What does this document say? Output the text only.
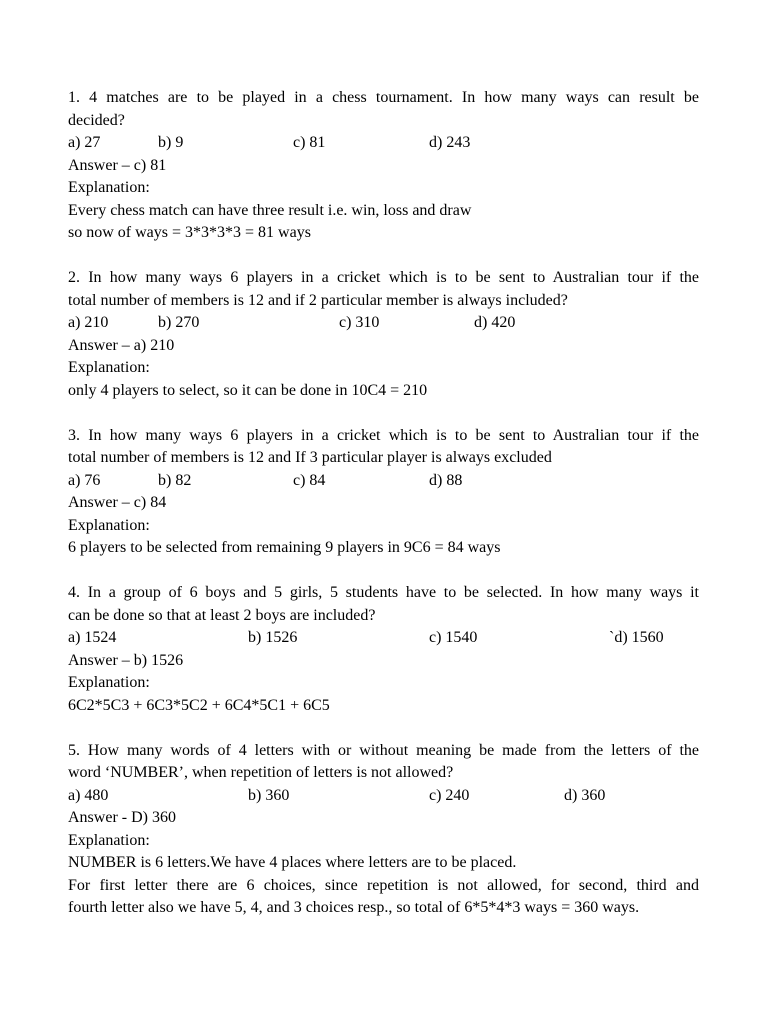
1. 4 matches are to be played in a chess tournament. In how many ways can result be
decided?
a) 27	b) 9	c) 81	d) 243
Answer – c) 81
Explanation:
Every chess match can have three result i.e. win, loss and draw
so now of ways = 3*3*3*3 = 81 ways
2. In how many ways 6 players in a cricket which is to be sent to Australian tour if the
total number of members is 12 and if 2 particular member is always included?
a) 210	b) 270	c) 310	d) 420
Answer – a) 210
Explanation:
only 4 players to select, so it can be done in 10C4 = 210
3. In how many ways 6 players in a cricket which is to be sent to Australian tour if the
total number of members is 12 and If 3 particular player is always excluded
a) 76	b) 82	c) 84	d) 88
Answer – c) 84
Explanation:
6 players to be selected from remaining 9 players in 9C6 = 84 ways
4. In a group of 6 boys and 5 girls, 5 students have to be selected. In how many ways it
can be done so that at least 2 boys are included?
a) 1524	b) 1526	c) 1540	`d) 1560
Answer – b) 1526
Explanation:
6C2*5C3 + 6C3*5C2 + 6C4*5C1 + 6C5
5. How many words of 4 letters with or without meaning be made from the letters of the
word ‘NUMBER’, when repetition of letters is not allowed?
a) 480	b) 360	c) 240	d) 360
Answer - D) 360
Explanation:
NUMBER is 6 letters.We have 4 places where letters are to be placed.
For first letter there are 6 choices, since repetition is not allowed, for second, third and
fourth letter also we have 5, 4, and 3 choices resp., so total of 6*5*4*3 ways = 360 ways.
